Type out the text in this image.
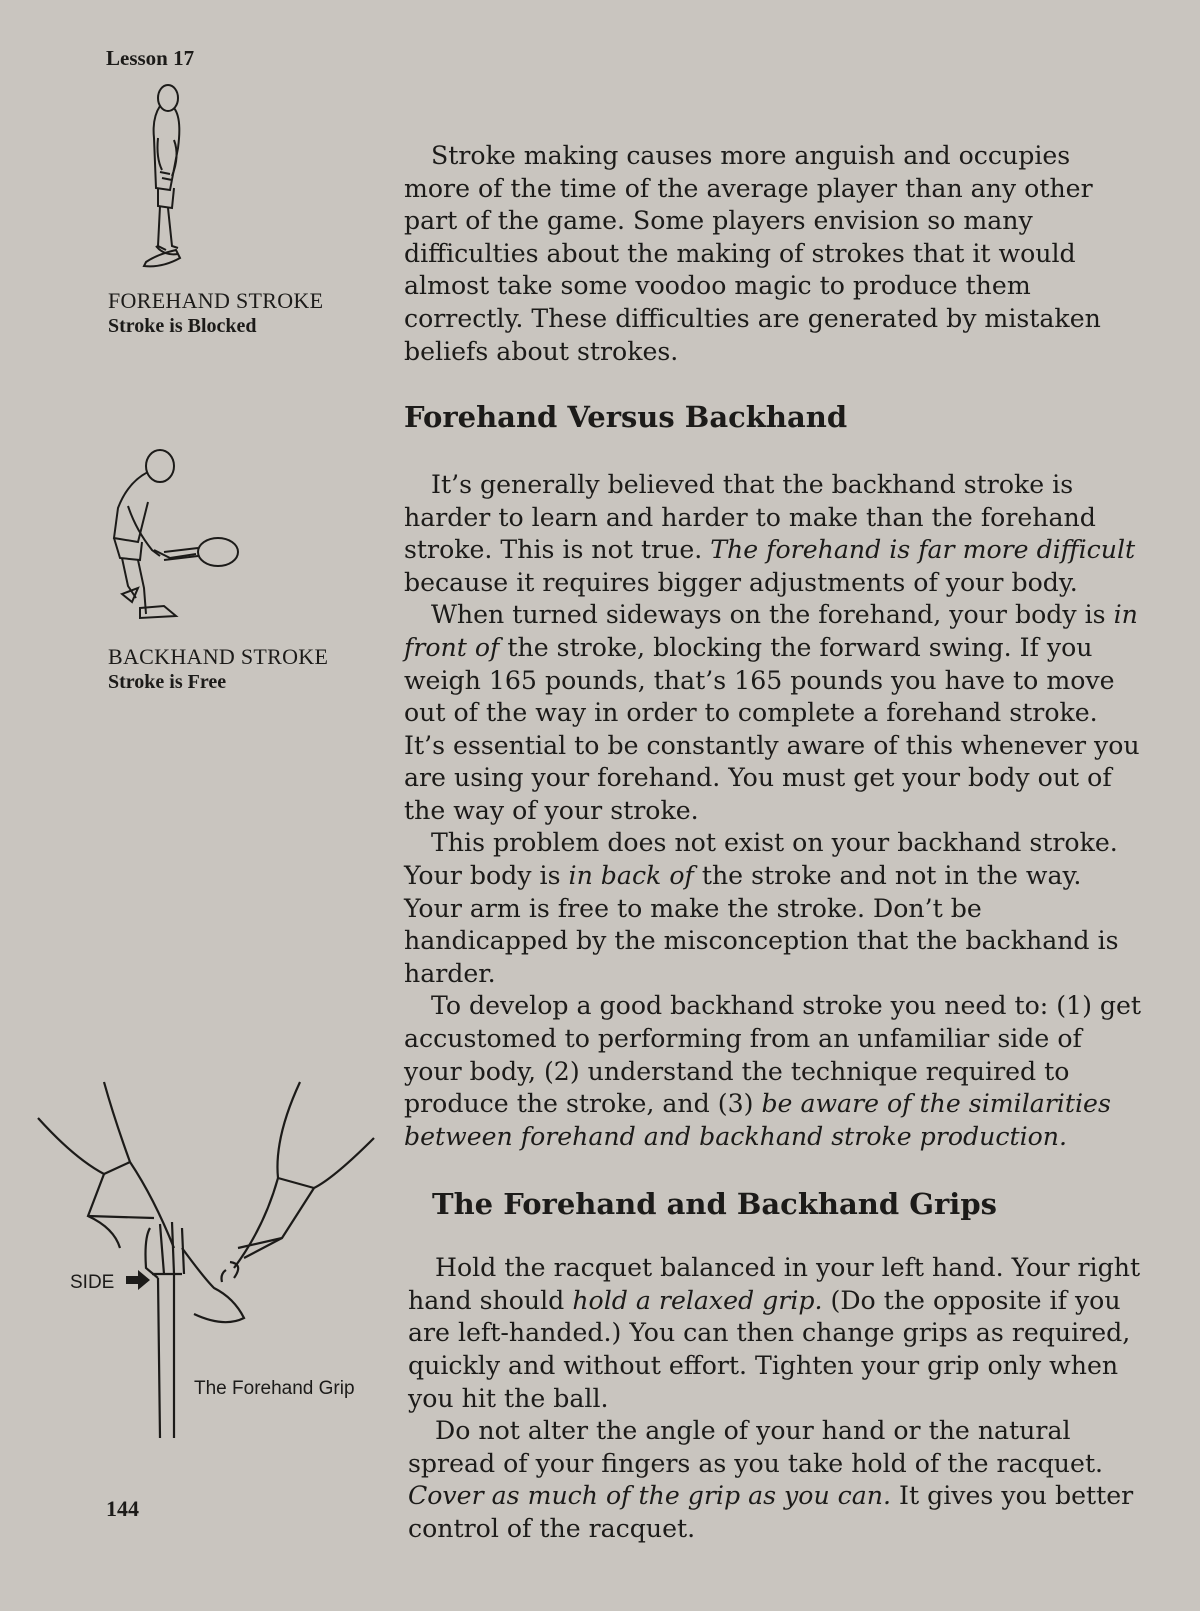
Lesson 17
FOREHAND STROKE
Stroke is Blocked
BACKHAND STROKE
Stroke is Free
SIDE
The Forehand Grip
144

Stroke making causes more anguish and occupies more of the time of the average player than any other part of the game. Some players envision so many difficulties about the making of strokes that it would almost take some voodoo magic to produce them correctly. These difficulties are generated by mistaken beliefs about strokes.

Forehand Versus Backhand

It’s generally believed that the backhand stroke is harder to learn and harder to make than the forehand stroke. This is not true. The forehand is far more difficult because it requires bigger adjustments of your body.

When turned sideways on the forehand, your body is in front of the stroke, blocking the forward swing. If you weigh 165 pounds, that’s 165 pounds you have to move out of the way in order to complete a forehand stroke. It’s essential to be constantly aware of this whenever you are using your forehand. You must get your body out of the way of your stroke.

This problem does not exist on your backhand stroke. Your body is in back of the stroke and not in the way. Your arm is free to make the stroke. Don’t be handicapped by the misconception that the backhand is harder.

To develop a good backhand stroke you need to: (1) get accustomed to performing from an unfamiliar side of your body, (2) understand the technique required to produce the stroke, and (3) be aware of the similarities between forehand and backhand stroke production.

The Forehand and Backhand Grips

Hold the racquet balanced in your left hand. Your right hand should hold a relaxed grip. (Do the opposite if you are left-handed.) You can then change grips as required, quickly and without effort. Tighten your grip only when you hit the ball.

Do not alter the angle of your hand or the natural spread of your fingers as you take hold of the racquet. Cover as much of the grip as you can. It gives you better control of the racquet.
